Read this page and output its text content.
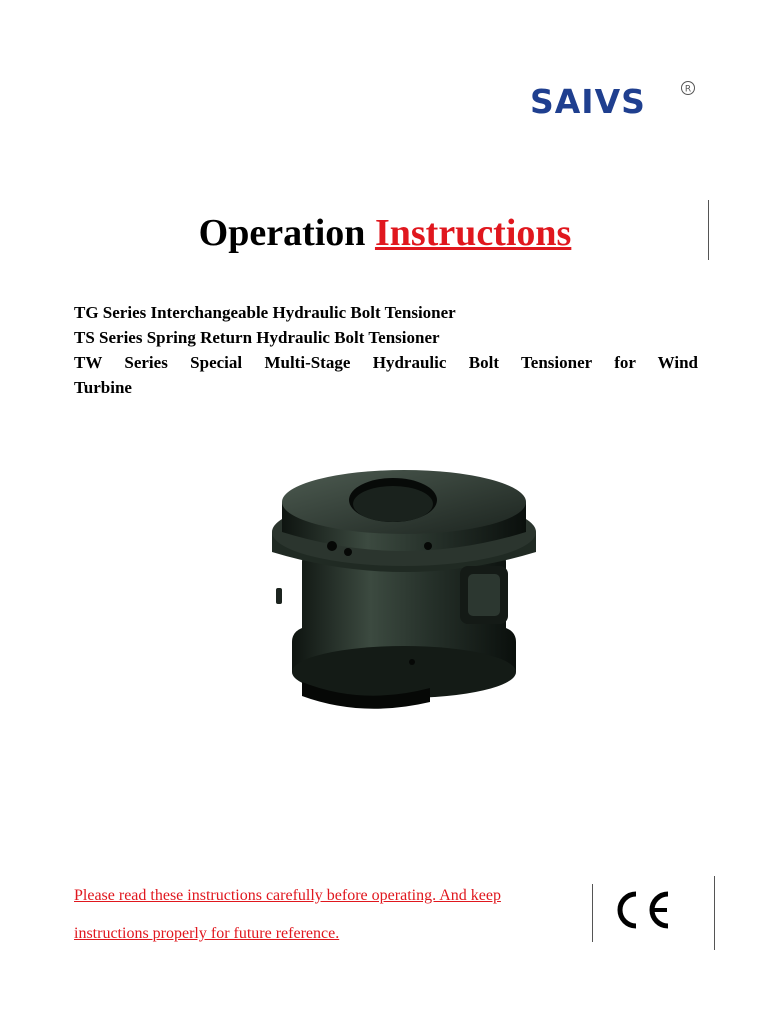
SAIVS	R
Operation Instructions
TG Series Interchangeable Hydraulic Bolt Tensioner
TS Series Spring Return Hydraulic Bolt Tensioner
TW Series Special Multi-Stage Hydraulic Bolt Tensioner for Wind
Turbine
Please read these instructions carefully before operating. And keep
instructions properly for future reference.
